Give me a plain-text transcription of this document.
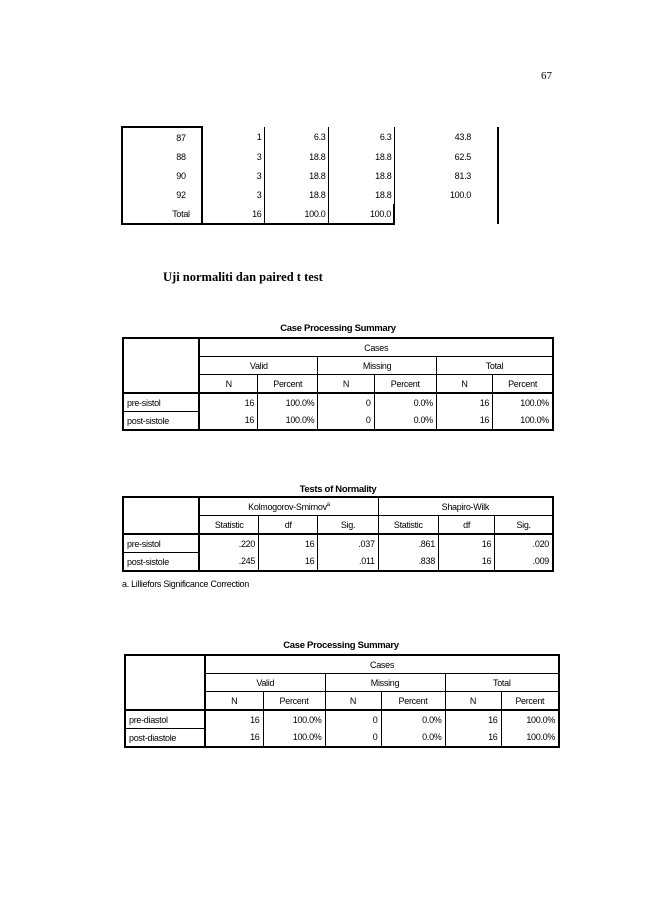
67
87	1	6.3	6.3	43.8
88	3	18.8	18.8	62.5
90	3	18.8	18.8	81.3
92	3	18.8	18.8	100.0
Total	16	100.0	100.0	
Uji normaliti dan paired t test
Case Processing Summary
	Cases					
	Valid		Missing		Total	
	N	Percent	N	Percent	N	Percent
pre-sistol	16	100.0%	0	0.0%	16	100.0%
post-sistole	16	100.0%	0	0.0%	16	100.0%
Tests of Normality
	Kolmogorov-Smirnov$^a$			Shapiro-Wilk		
	Statistic	df	Sig.	Statistic	df	Sig.
pre-sistol	.220	16	.037	.861	16	.020
post-sistole	.245	16	.011	.838	16	.009
a. Lilliefors Significance Correction
Case Processing Summary
	Cases					
	Valid		Missing		Total	
	N	Percent	N	Percent	N	Percent
pre-diastol	16	100.0%	0	0.0%	16	100.0%
post-diastole	16	100.0%	0	0.0%	16	100.0%
